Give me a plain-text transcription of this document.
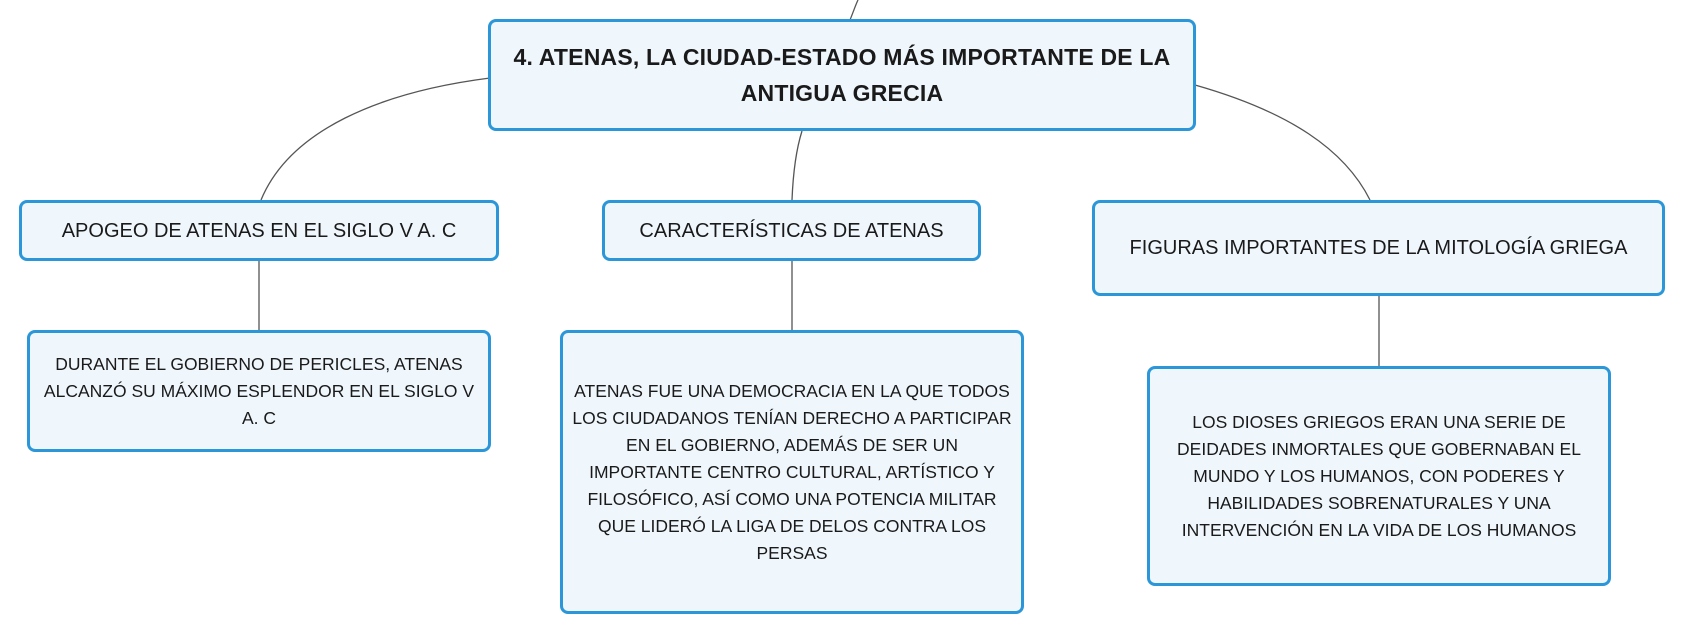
4. ATENAS, LA CIUDAD-ESTADO MÁS IMPORTANTE DE LA ANTIGUA GRECIA
APOGEO DE ATENAS EN EL SIGLO V A. C	CARACTERÍSTICAS DE ATENAS
FIGURAS IMPORTANTES DE LA MITOLOGÍA GRIEGA
DURANTE EL GOBIERNO DE PERICLES, ATENAS ALCANZÓ SU MÁXIMO ESPLENDOR EN EL SIGLO V A. C
ATENAS FUE UNA DEMOCRACIA EN LA QUE TODOS LOS CIUDADANOS TENÍAN DERECHO A PARTICIPAR EN EL GOBIERNO, ADEMÁS DE SER UN IMPORTANTE CENTRO CULTURAL, ARTÍSTICO Y FILOSÓFICO, ASÍ COMO UNA POTENCIA MILITAR QUE LIDERÓ LA LIGA DE DELOS CONTRA LOS PERSAS
LOS DIOSES GRIEGOS ERAN UNA SERIE DE DEIDADES INMORTALES QUE GOBERNABAN EL MUNDO Y LOS HUMANOS, CON PODERES Y HABILIDADES SOBRENATURALES Y UNA INTERVENCIÓN EN LA VIDA DE LOS HUMANOS
